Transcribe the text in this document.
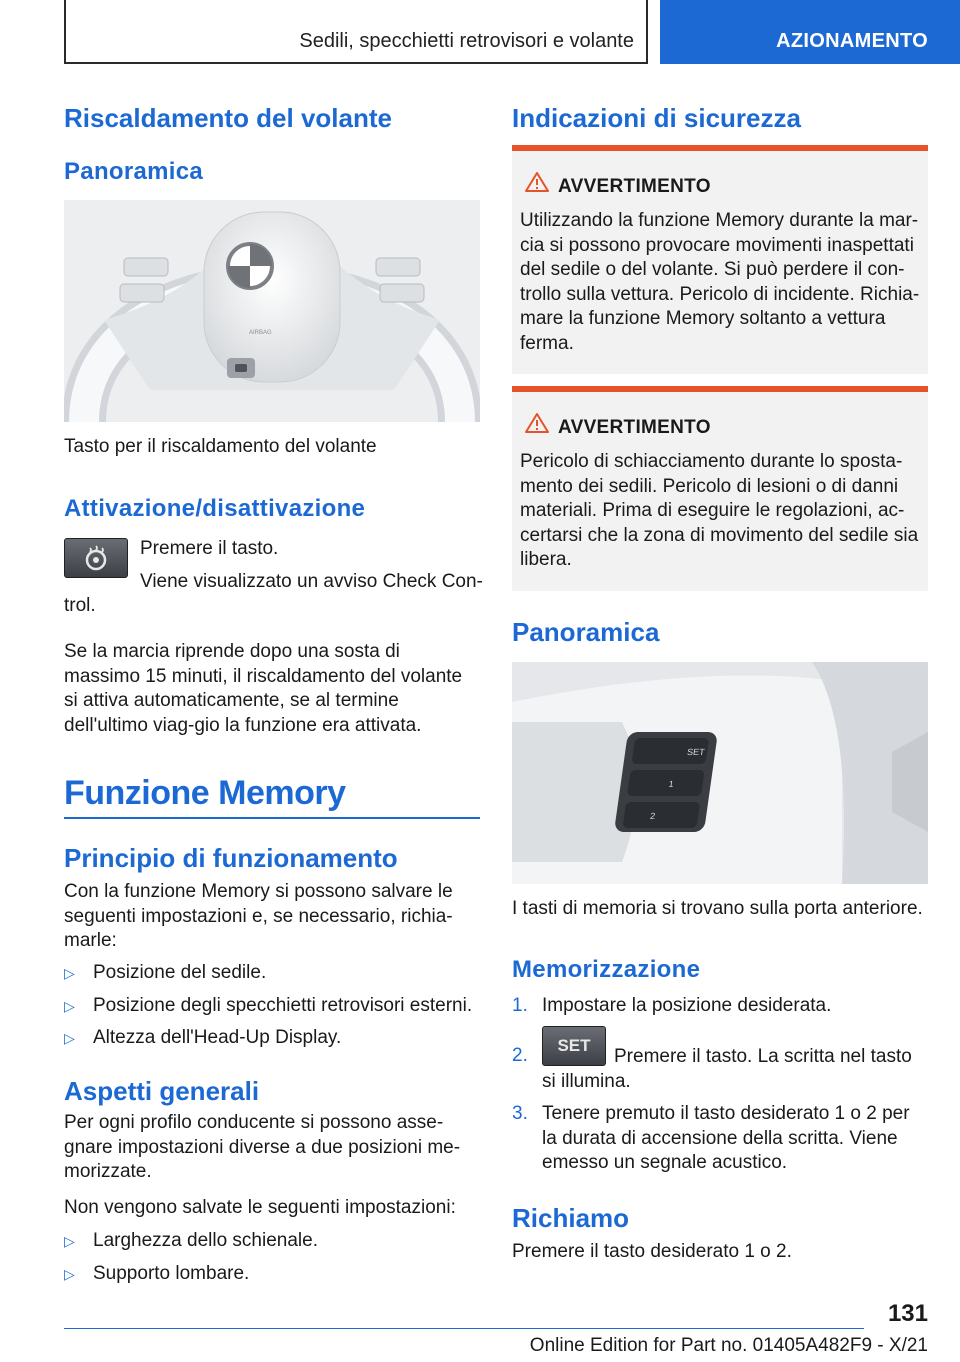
Sedili, specchietti retrovisori e volante	AZIONAMENTO
Riscaldamento del volante
Panoramica
AIRBAG
Tasto per il riscaldamento del volante
Attivazione/disattivazione
Premere il tasto.
Viene visualizzato un avviso Check Con-
trol.
Se la marcia riprende dopo una sosta di massimo 15 minuti, il riscaldamento del volante si attiva automaticamente, se al termine dell'ultimo viag-gio la funzione era attivata.
Funzione Memory
Principio di funzionamento
Con la funzione Memory si possono salvare le seguenti impostazioni e, se necessario, richia-marle:
▷ Posizione del sedile.
▷ Posizione degli specchietti retrovisori esterni.
▷ Altezza dell'Head-Up Display.
Aspetti generali
Per ogni profilo conducente si possono asse-gnare impostazioni diverse a due posizioni me-morizzate.
Non vengono salvate le seguenti impostazioni:
▷ Larghezza dello schienale.
▷ Supporto lombare.
Indicazioni di sicurezza
AVVERTIMENTO
Utilizzando la funzione Memory durante la mar-cia si possono provocare movimenti inaspettati del sedile o del volante. Si può perdere il con-trollo sulla vettura. Pericolo di incidente. Richia-mare la funzione Memory soltanto a vettura ferma.
AVVERTIMENTO
Pericolo di schiacciamento durante lo sposta-mento dei sedili. Pericolo di lesioni o di danni materiali. Prima di eseguire le regolazioni, ac-certarsi che la zona di movimento del sedile sia libera.
Panoramica
SET
1
2
I tasti di memoria si trovano sulla porta anteriore.
Memorizzazione
1. Impostare la posizione desiderata.
SET
2.	Premere il tasto. La scritta nel tasto si illumina.
3. Tenere premuto il tasto desiderato 1 o 2 per la durata di accensione della scritta. Viene emesso un segnale acustico.
Richiamo
Premere il tasto desiderato 1 o 2.
131
Online Edition for Part no. 01405A482F9 - X/21
